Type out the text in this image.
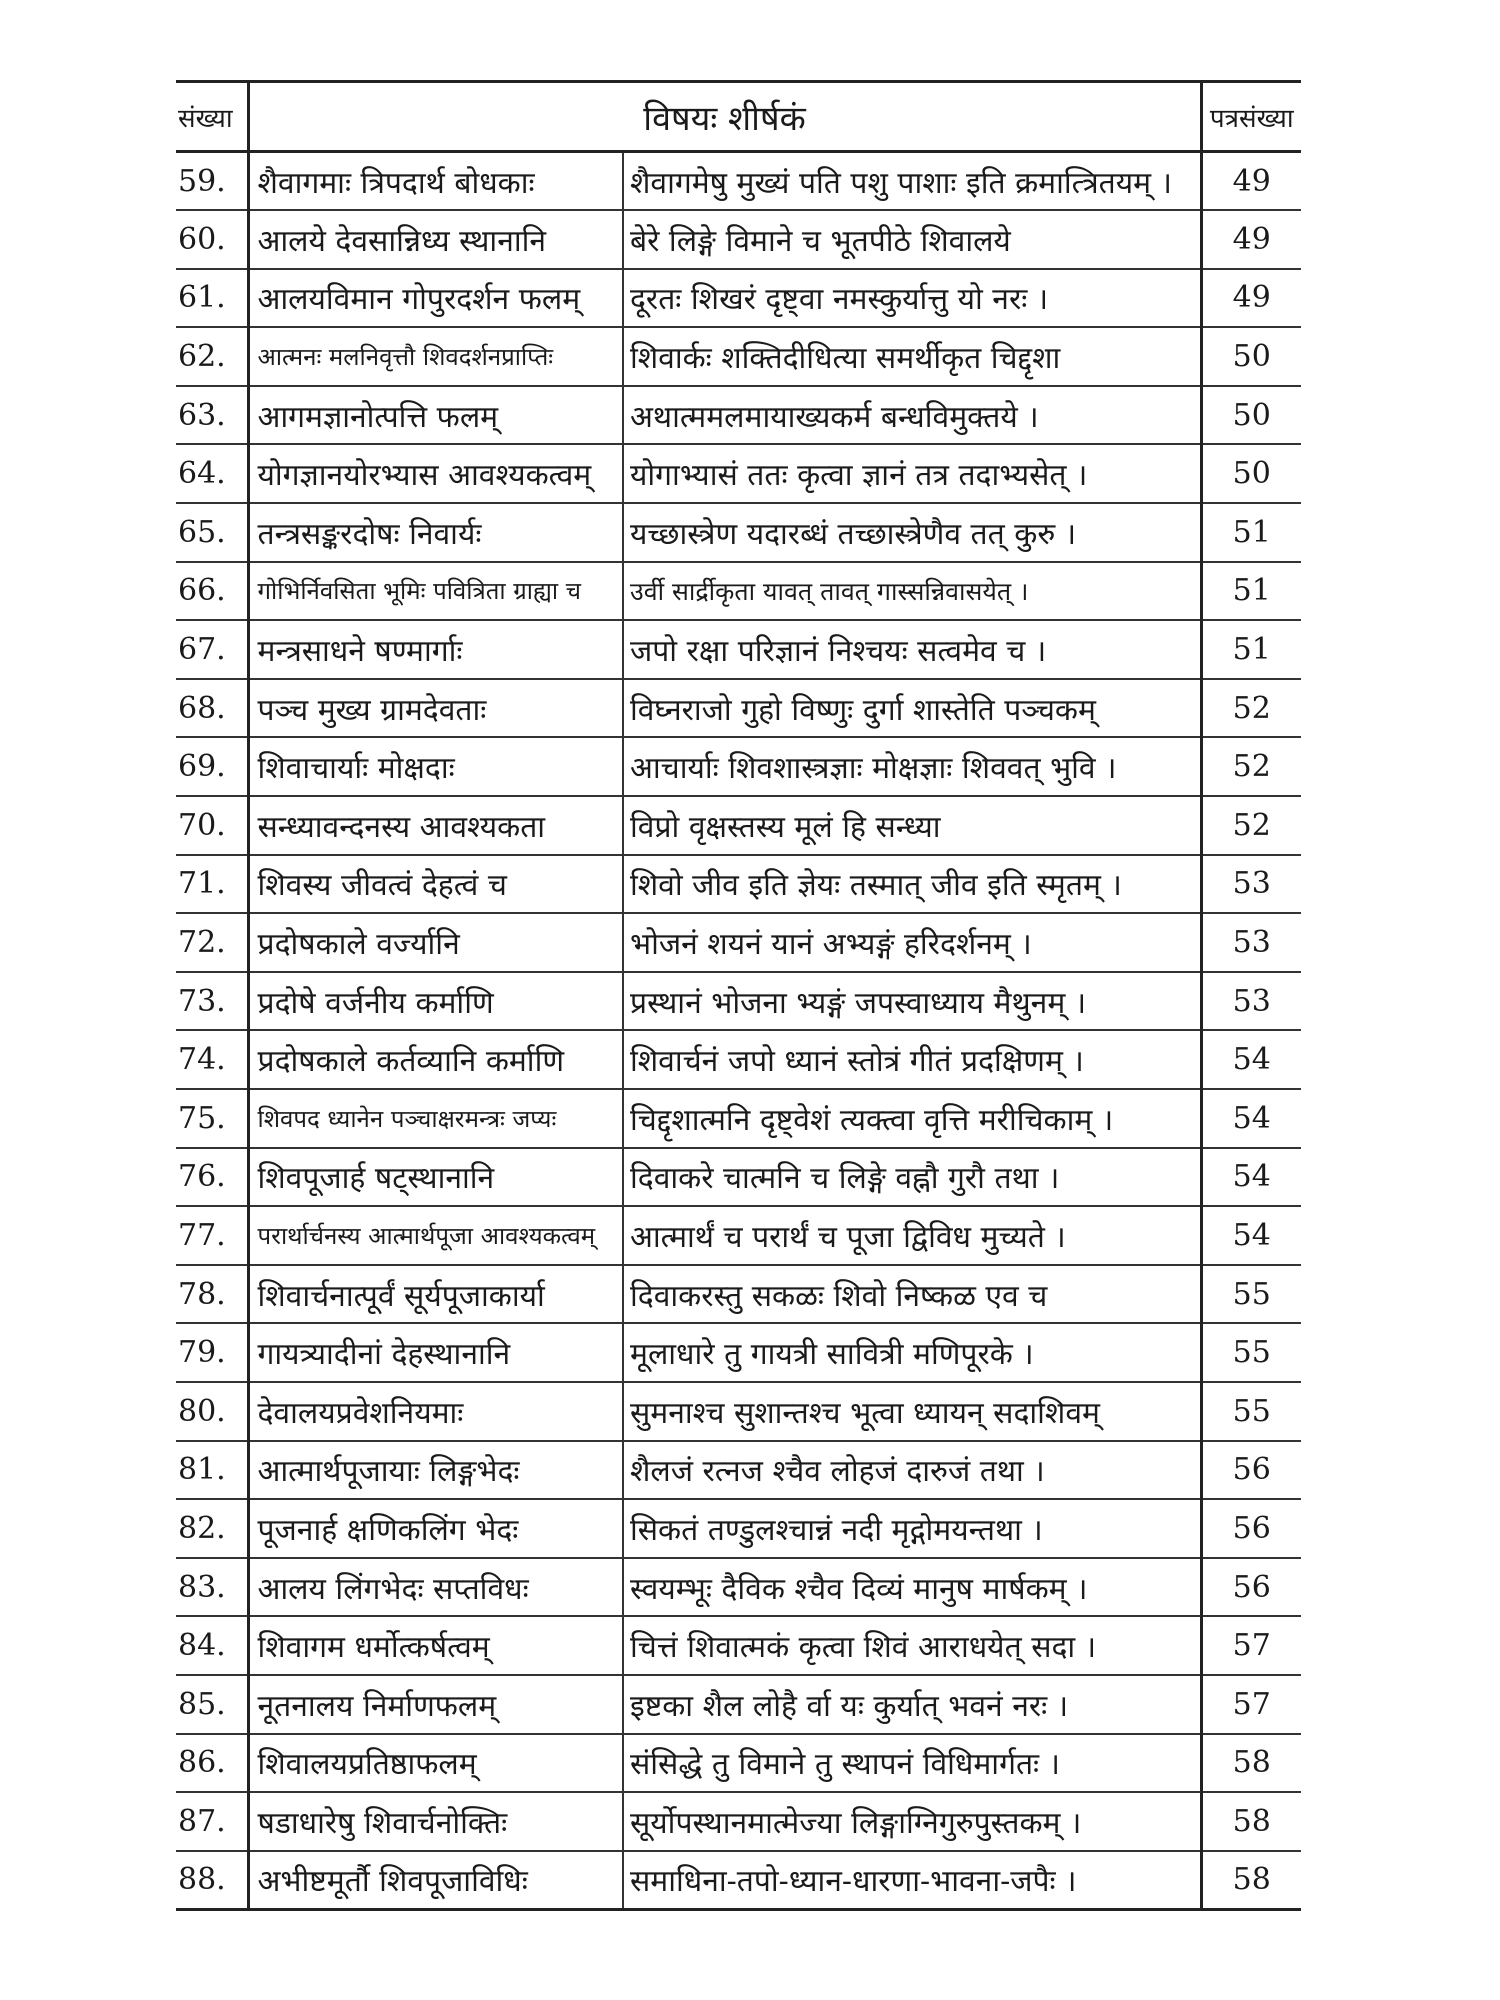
संख्या	विषयः शीर्षकं		पत्रसंख्या
59.	शैवागमाः त्रिपदार्थ बोधकाः	शैवागमेषु मुख्यं पति पशु पाशाः इति क्रमात्त्रितयम् ।	49
60.	आलये देवसान्निध्य स्थानानि	बेरे लिङ्गे विमाने च भूतपीठे शिवालये	49
61.	आलयविमान गोपुरदर्शन फलम्	दूरतः शिखरं दृष्ट्वा नमस्कुर्यात्तु यो नरः ।	49
62.	आत्मनः मलनिवृत्तौ शिवदर्शनप्राप्तिः	शिवार्कः शक्तिदीधित्या समर्थीकृत चिद्दृशा	50
63.	आगमज्ञानोत्पत्ति फलम्	अथात्ममलमायाख्यकर्म बन्धविमुक्तये ।	50
64.	योगज्ञानयोरभ्यास आवश्यकत्वम्	योगाभ्यासं ततः कृत्वा ज्ञानं तत्र तदाभ्यसेत् ।	50
65.	तन्त्रसङ्करदोषः निवार्यः	यच्छास्त्रेण यदारब्धं तच्छास्त्रेणैव तत् कुरु ।	51
66.	गोभिर्निवसिता भूमिः पवित्रिता ग्राह्या च	उर्वी सार्द्रीकृता यावत् तावत् गास्सन्निवासयेत् ।	51
67.	मन्त्रसाधने षण्मार्गाः	जपो रक्षा परिज्ञानं निश्चयः सत्वमेव च ।	51
68.	पञ्च मुख्य ग्रामदेवताः	विघ्नराजो गुहो विष्णुः दुर्गा शास्तेति पञ्चकम्	52
69.	शिवाचार्याः मोक्षदाः	आचार्याः शिवशास्त्रज्ञाः मोक्षज्ञाः शिववत् भुवि ।	52
70.	सन्ध्यावन्दनस्य आवश्यकता	विप्रो वृक्षस्तस्य मूलं हि सन्ध्या	52
71.	शिवस्य जीवत्वं देहत्वं च	शिवो जीव इति ज्ञेयः तस्मात् जीव इति स्मृतम् ।	53
72.	प्रदोषकाले वर्ज्यानि	भोजनं शयनं यानं अभ्यङ्गं हरिदर्शनम् ।	53
73.	प्रदोषे वर्जनीय कर्माणि	प्रस्थानं भोजना भ्यङ्गं जपस्वाध्याय मैथुनम् ।	53
74.	प्रदोषकाले कर्तव्यानि कर्माणि	शिवार्चनं जपो ध्यानं स्तोत्रं गीतं प्रदक्षिणम् ।	54
75.	शिवपद ध्यानेन पञ्चाक्षरमन्त्रः जप्यः	चिद्दृशात्मनि दृष्ट्वेशं त्यक्त्वा वृत्ति मरीचिकाम् ।	54
76.	शिवपूजार्ह षट्स्थानानि	दिवाकरे चात्मनि च लिङ्गे वह्नौ गुरौ तथा ।	54
77.	परार्थार्चनस्य आत्मार्थपूजा आवश्यकत्वम्	आत्मार्थं च परार्थं च पूजा द्विविध मुच्यते ।	54
78.	शिवार्चनात्पूर्वं सूर्यपूजाकार्या	दिवाकरस्तु सकळः शिवो निष्कळ एव च	55
79.	गायत्र्यादीनां देहस्थानानि	मूलाधारे तु गायत्री सावित्री मणिपूरके ।	55
80.	देवालयप्रवेशनियमाः	सुमनाश्च सुशान्तश्च भूत्वा ध्यायन् सदाशिवम्	55
81.	आत्मार्थपूजायाः लिङ्गभेदः	शैलजं रत्नज श्चैव लोहजं दारुजं तथा ।	56
82.	पूजनार्ह क्षणिकलिंग भेदः	सिकतं तण्डुलश्चान्नं नदी मृद्गोमयन्तथा ।	56
83.	आलय लिंगभेदः सप्तविधः	स्वयम्भूः दैविक श्चैव दिव्यं मानुष मार्षकम् ।	56
84.	शिवागम धर्मोत्कर्षत्वम्	चित्तं शिवात्मकं कृत्वा शिवं आराधयेत् सदा ।	57
85.	नूतनालय निर्माणफलम्	इष्टका शैल लोहै र्वा यः कुर्यात् भवनं नरः ।	57
86.	शिवालयप्रतिष्ठाफलम्	संसिद्धे तु विमाने तु स्थापनं विधिमार्गतः ।	58
87.	षडाधारेषु शिवार्चनोक्तिः	सूर्योपस्थानमात्मेज्या लिङ्गाग्निगुरुपुस्तकम् ।	58
88.	अभीष्टमूर्तौ शिवपूजाविधिः	समाधिना-तपो-ध्यान-धारणा-भावना-जपैः ।	58
